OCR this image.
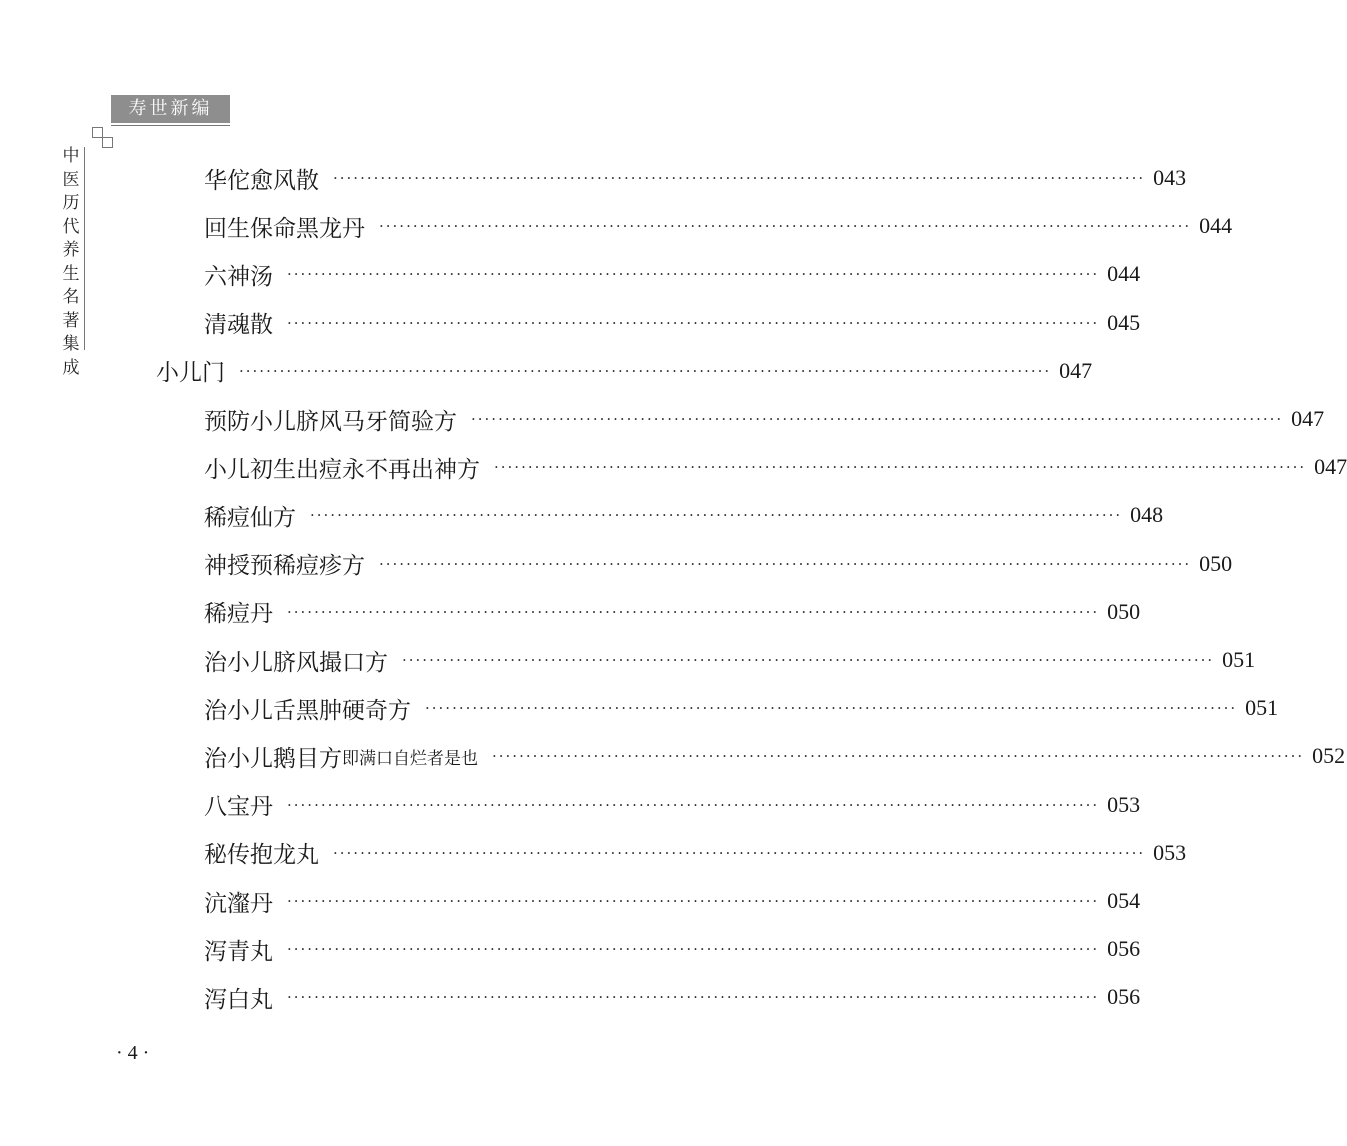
寿世新编
中
医
历
代
养
生
名
著
集
成
华佗愈风散 ························································································································ 043
回生保命黑龙丹 ························································································································ 044
六神汤 ························································································································ 044
清魂散 ························································································································ 045
小儿门 ························································································································ 047
预防小儿脐风马牙简验方 ························································································································ 047
小儿初生出痘永不再出神方 ························································································································ 047
稀痘仙方 ························································································································ 048
神授预稀痘疹方 ························································································································ 050
稀痘丹 ························································································································ 050
治小儿脐风撮口方 ························································································································ 051
治小儿舌黑肿硬奇方 ························································································································ 051
治小儿鹅目方 即满口自烂者是也 ························································································································ 052
八宝丹 ························································································································ 053
秘传抱龙丸 ························································································································ 053
沆瀣丹 ························································································································ 054
泻青丸 ························································································································ 056
泻白丸 ························································································································ 056
· 4 ·
